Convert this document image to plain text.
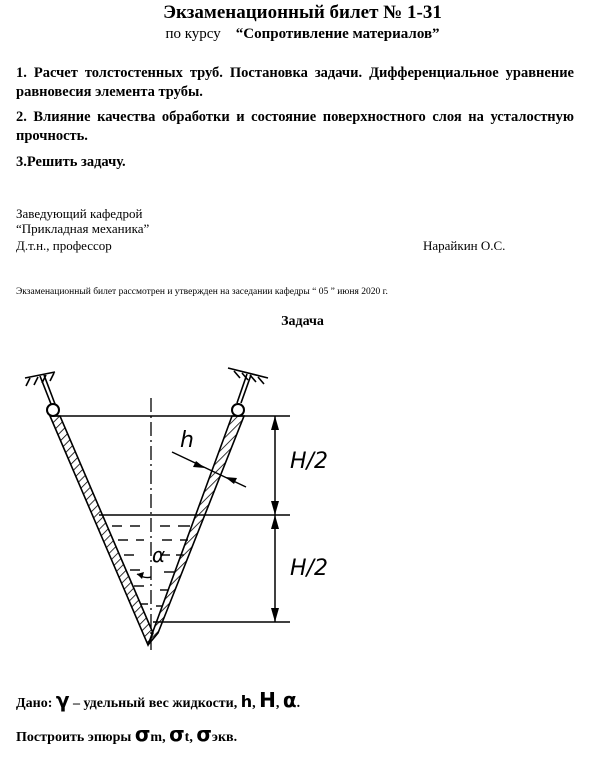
Экзаменационный билет № 1-31
по курсу “Сопротивление материалов”
1. Расчет толстостенных труб. Постановка задачи. Дифференциальное уравнение равновесия элемента трубы.
2. Влияние качества обработки и состояние поверхностного слоя на усталостную прочность.
3.Решить задачу.
Заведующий кафедрой
“Прикладная механика”
Д.т.н., профессор	Нарайкин О.С.
Экзаменационный билет рассмотрен и утвержден на заседании кафедры “ 05 ” июня 2020 г.
Задача
H/2
H/2
h
α
Дано: γ – удельный вес жидкости, h, Н, α.
Построить эпюры σm, σt, σэкв.
